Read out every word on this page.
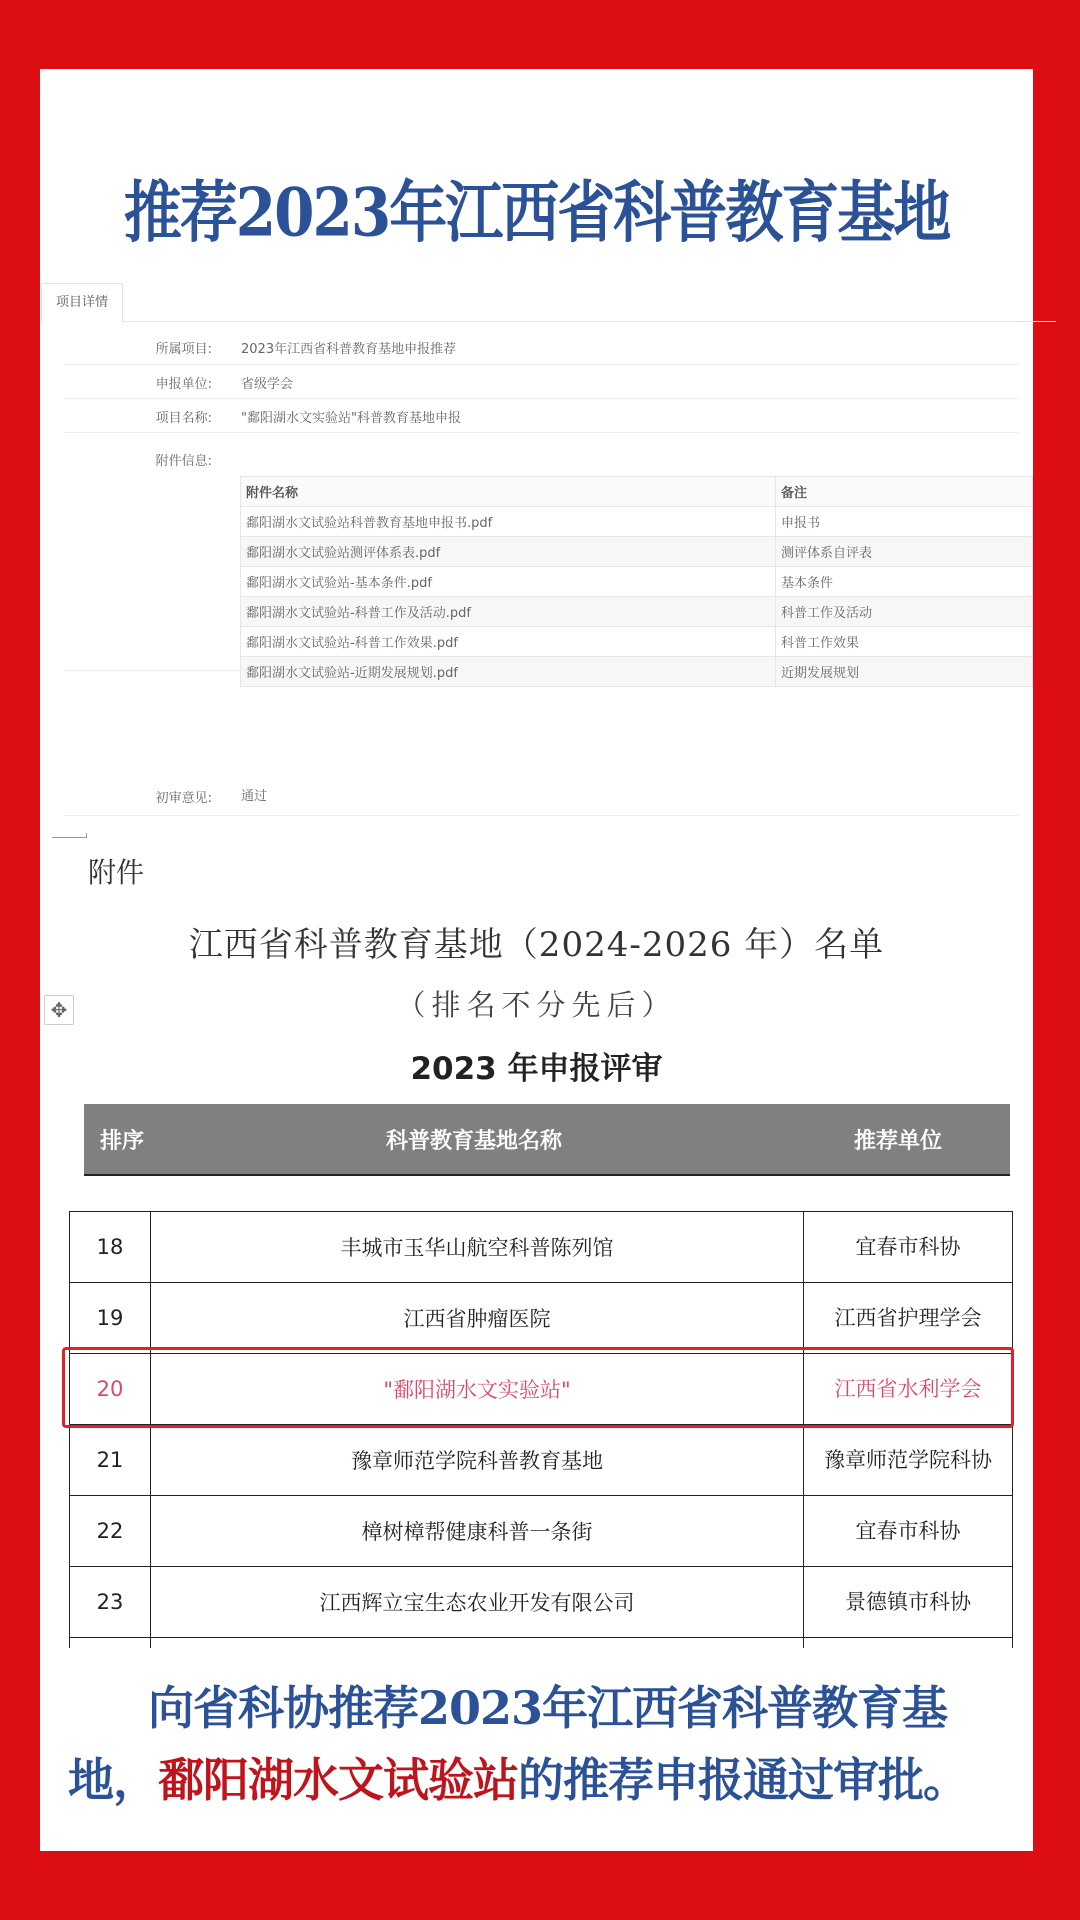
推荐2023年江西省科普教育基地
项目详情
所属项目: 2023年江西省科普教育基地申报推荐
申报单位: 省级学会
项目名称: "鄱阳湖水文实验站"科普教育基地申报
附件信息:
附件名称	备注
鄱阳湖水文试验站科普教育基地申报书.pdf	申报书
鄱阳湖水文试验站测评体系表.pdf	测评体系自评表
鄱阳湖水文试验站-基本条件.pdf	基本条件
鄱阳湖水文试验站-科普工作及活动.pdf	科普工作及活动
鄱阳湖水文试验站-科普工作效果.pdf	科普工作效果
鄱阳湖水文试验站-近期发展规划.pdf	近期发展规划
初审意见: 通过
附件
江西省科普教育基地（2024-2026 年）名单
✥	（排名不分先后）
2023 年申报评审
排序	科普教育基地名称	推荐单位
18	丰城市玉华山航空科普陈列馆	宜春市科协
19	江西省肿瘤医院	江西省护理学会
20	"鄱阳湖水文实验站"	江西省水利学会
21	豫章师范学院科普教育基地	豫章师范学院科协
22	樟树樟帮健康科普一条街	宜春市科协
23	江西辉立宝生态农业开发有限公司	景德镇市科协

向省科协推荐2023年江西省科普教育基地，鄱阳湖水文试验站的推荐申报通过审批。
